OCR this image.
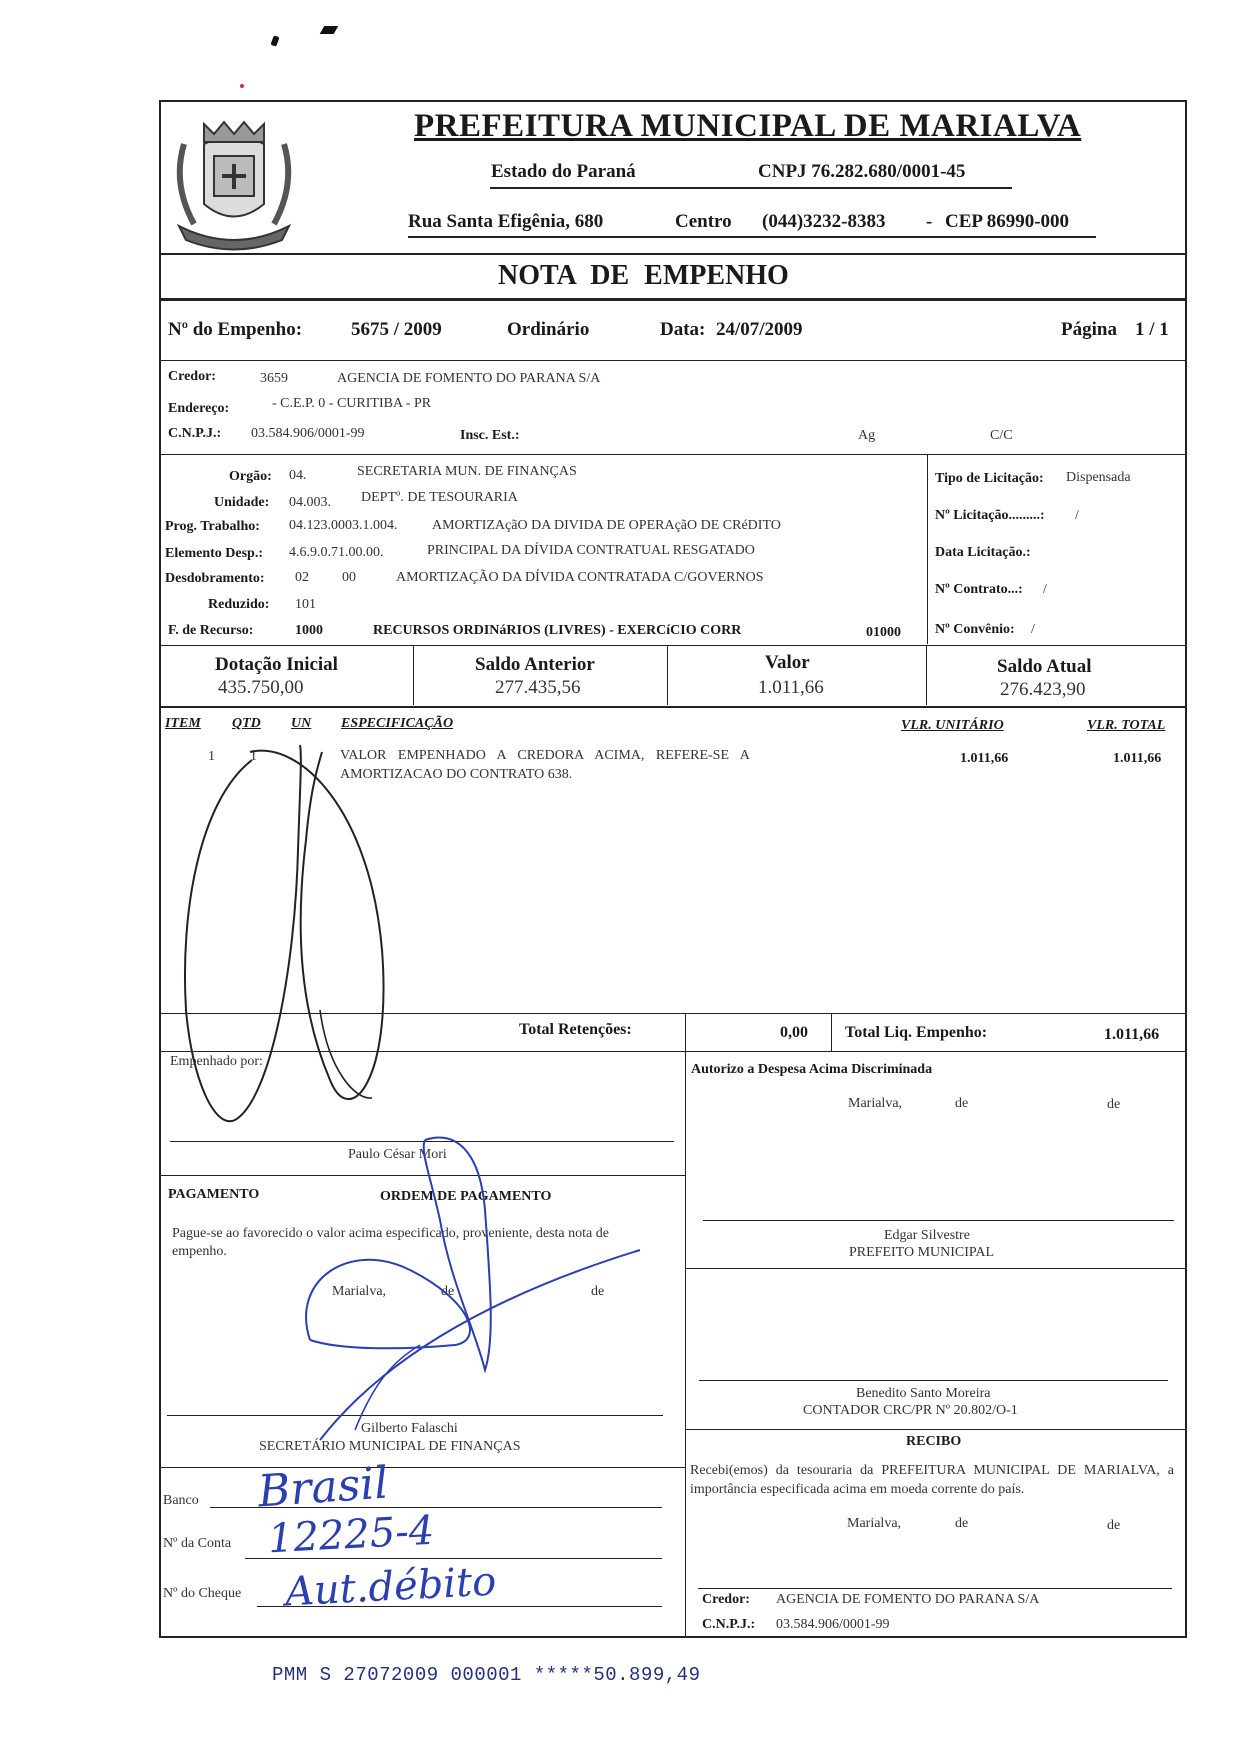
PREFEITURA MUNICIPAL DE MARIALVA
Estado do Paraná	CNPJ 76.282.680/0001-45
Rua Santa Efigênia, 680	Centro (044)3232-8383 - CEP 86990-000
NOTA DE EMPENHO
Nº do Empenho:	5675 / 2009	Ordinário	Data: 24/07/2009	Página 1 / 1
Credor:	3659	AGENCIA DE FOMENTO DO PARANA S/A
Endereço:	- C.E.P. 0 - CURITIBA - PR
C.N.P.J.: 03.584.906/0001-99	Insc. Est.:	Ag	C/C
Orgão: 04.	SECRETARIA MUN. DE FINANÇAS
Unidade: 04.003. DEPTº. DE TESOURARIA
Prog. Trabalho: 04.123.0003.1.004. AMORTIZAçãO DA DIVIDA DE OPERAçãO DE CRéDITO
Elemento Desp.: 4.6.9.0.71.00.00.	PRINCIPAL DA DÍVIDA CONTRATUAL RESGATADO
Desdobramento: 02 00	AMORTIZAÇÃO DA DÍVIDA CONTRATADA C/GOVERNOS
Reduzido: 101
F. de Recurso:	1000	RECURSOS ORDINáRIOS (LIVRES) - EXERCíCIO CORR	01000
Tipo de Licitação: Dispensada
Nº Licitação.........: /
Data Licitação.:
Nº Contrato...: /
Nº Convênio: /
Dotação Inicial
435.750,00
Saldo Anterior
277.435,56
Valor
1.011,66
Saldo Atual
276.423,90
ITEM QTD UN ESPECIFICAÇÃO	VLR. UNITÁRIO	VLR. TOTAL
1	1	VALOR EMPENHADO A CREDORA ACIMA, REFERE-SE A
AMORTIZACAO DO CONTRATO 638.
1.011,66	1.011,66
Total Retenções:	0,00 Total Liq. Empenho:	1.011,66
Empenhado por:
Paulo César Mori
Autorizo a Despesa Acima Discriminada
Marialva,	de	de
Edgar Silvestre
PREFEITO MUNICIPAL
PAGAMENTO	ORDEM DE PAGAMENTO
Pague-se ao favorecido o valor acima especificado, proveniente, desta nota de empenho.
Marialva,	de	de
Gilberto Falaschi
SECRETÁRIO MUNICIPAL DE FINANÇAS
Benedito Santo Moreira
CONTADOR CRC/PR Nº 20.802/O-1
RECIBO
Recebi(emos) da tesouraria da PREFEITURA MUNICIPAL DE MARIALVA, a importância especificada acima em moeda corrente do país.
Marialva,	de	de
Credor: AGENCIA DE FOMENTO DO PARANA S/A
C.N.P.J.: 03.584.906/0001-99
Banco
Nº da Conta
Nº do Cheque
Brasil
12225-4
Aut.débito
PMM S 27072009 000001 *****50.899,49
